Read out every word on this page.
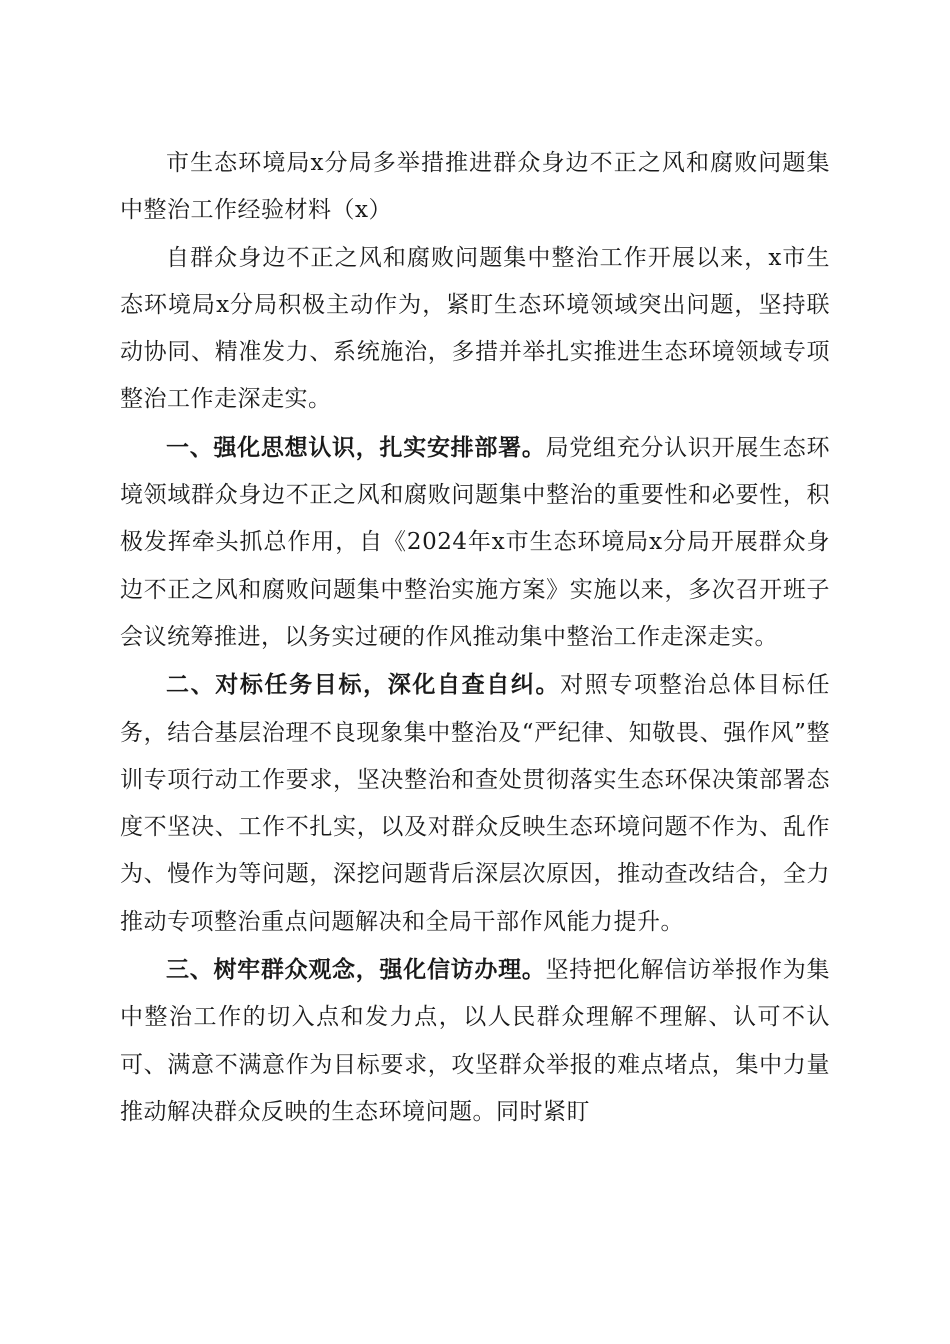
市生态环境局x分局多举措推进群众身边不正之风和腐败问题集中整治工作经验材料（x）

自群众身边不正之风和腐败问题集中整治工作开展以来，x市生态环境局x分局积极主动作为，紧盯生态环境领域突出问题，坚持联动协同、精准发力、系统施治，多措并举扎实推进生态环境领域专项整治工作走深走实。

一、强化思想认识，扎实安排部署。局党组充分认识开展生态环境领域群众身边不正之风和腐败问题集中整治的重要性和必要性，积极发挥牵头抓总作用，自《2024年x市生态环境局x分局开展群众身边不正之风和腐败问题集中整治实施方案》实施以来，多次召开班子会议统筹推进，以务实过硬的作风推动集中整治工作走深走实。

二、对标任务目标，深化自查自纠。对照专项整治总体目标任务，结合基层治理不良现象集中整治及“严纪律、知敬畏、强作风”整训专项行动工作要求，坚决整治和查处贯彻落实生态环保决策部署态度不坚决、工作不扎实，以及对群众反映生态环境问题不作为、乱作为、慢作为等问题，深挖问题背后深层次原因，推动查改结合，全力推动专项整治重点问题解决和全局干部作风能力提升。

三、树牢群众观念，强化信访办理。坚持把化解信访举报作为集中整治工作的切入点和发力点，以人民群众理解不理解、认可不认可、满意不满意作为目标要求，攻坚群众举报的难点堵点，集中力量推动解决群众反映的生态环境问题。同时紧盯
